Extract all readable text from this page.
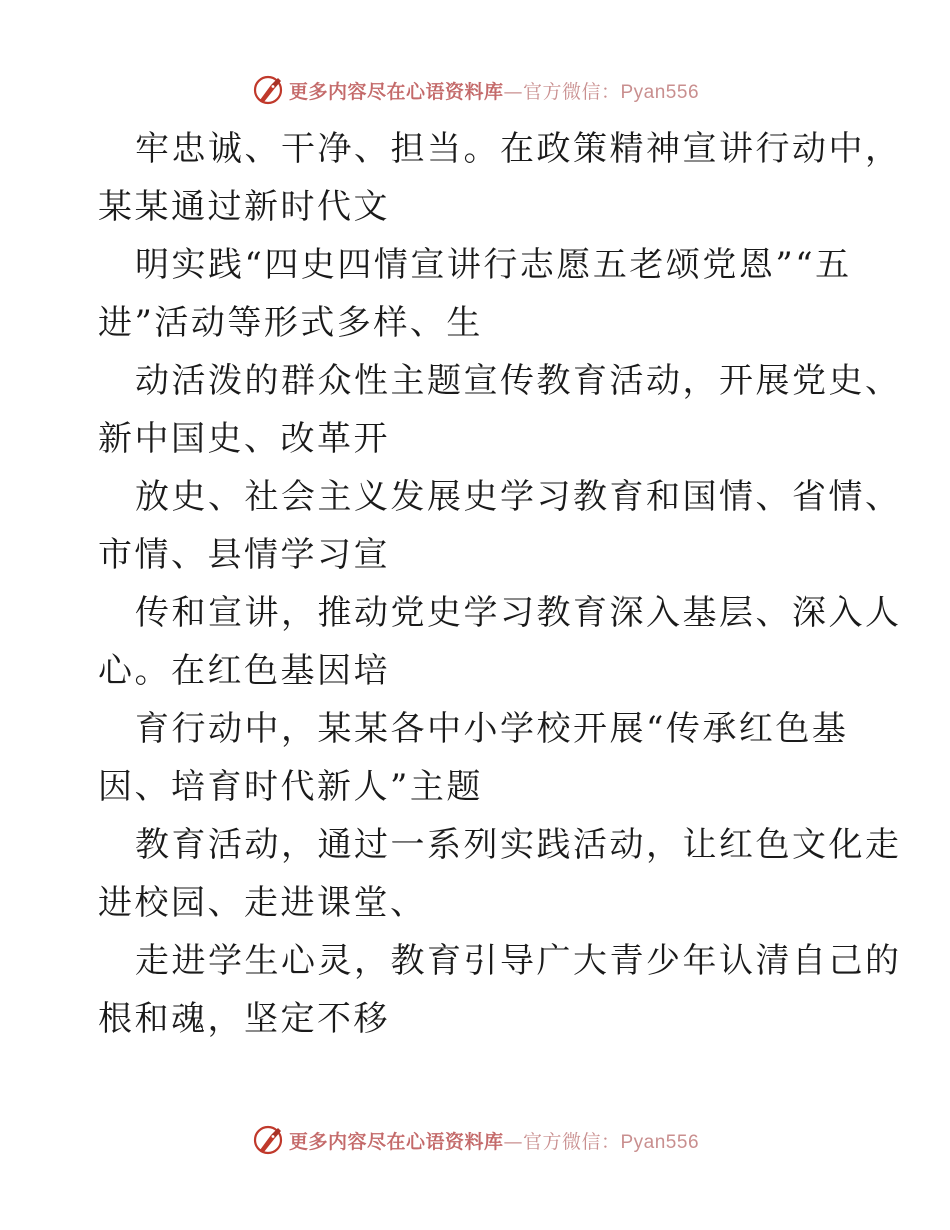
更多内容尽在心语资料库—官方微信：Pyan556
牢忠诚、干净、担当。在政策精神宣讲行动中，
某某通过新时代文
明实践“四史四情宣讲行志愿五老颂党恩”“五
进”活动等形式多样、生
动活泼的群众性主题宣传教育活动，开展党史、
新中国史、改革开
放史、社会主义发展史学习教育和国情、省情、
市情、县情学习宣
传和宣讲，推动党史学习教育深入基层、深入人
心。在红色基因培
育行动中，某某各中小学校开展“传承红色基
因、培育时代新人”主题
教育活动，通过一系列实践活动，让红色文化走
进校园、走进课堂、
走进学生心灵，教育引导广大青少年认清自己的
根和魂，坚定不移
更多内容尽在心语资料库—官方微信：Pyan556
